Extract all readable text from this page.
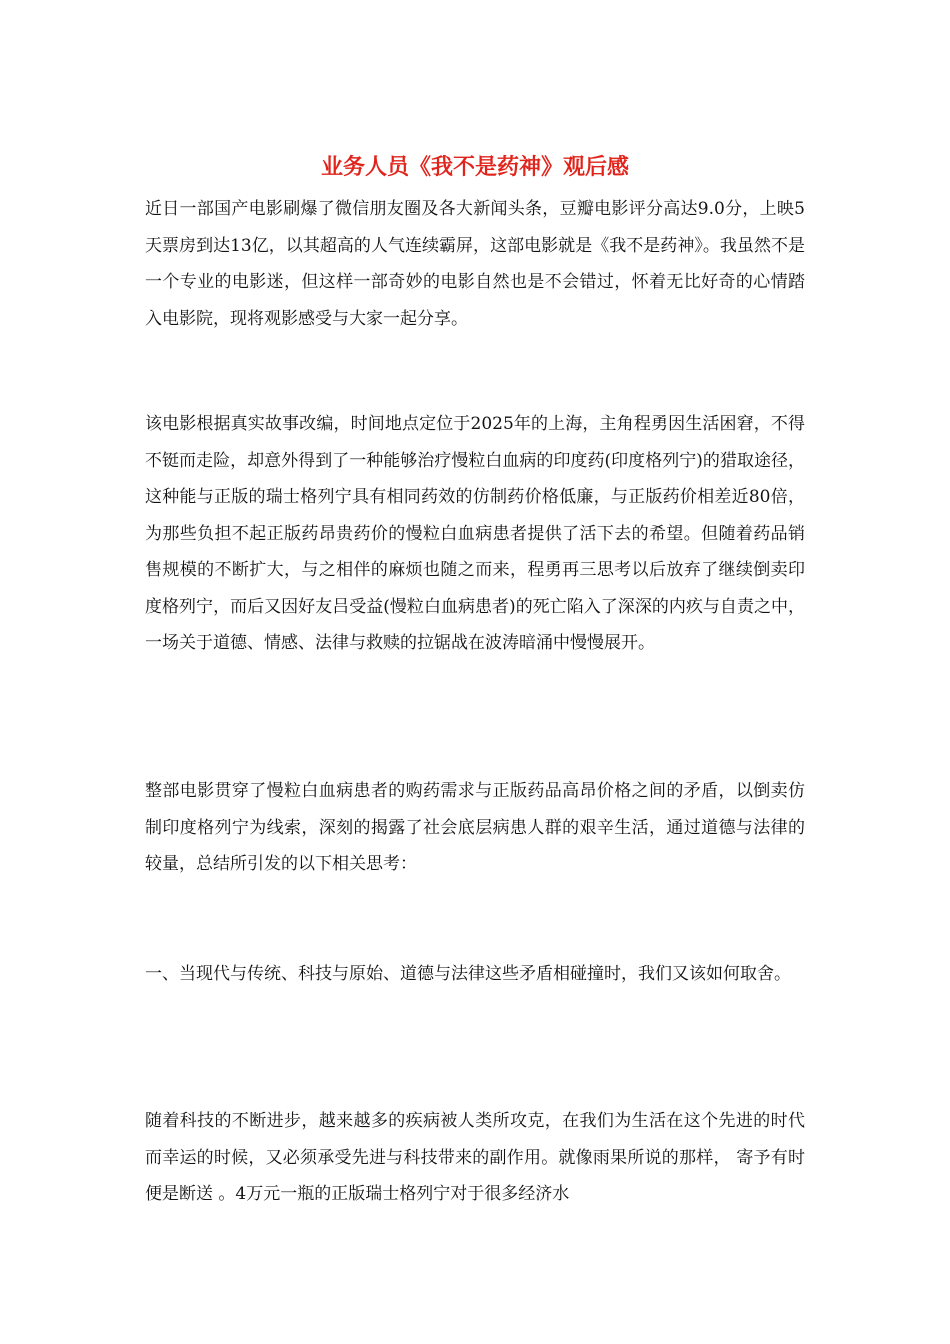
业务人员《我不是药神》观后感

近日一部国产电影刷爆了微信朋友圈及各大新闻头条，豆瓣电影评分高达9.0分，上映5天票房到达13亿，以其超高的人气连续霸屏，这部电影就是《我不是药神》。我虽然不是一个专业的电影迷，但这样一部奇妙的电影自然也是不会错过，怀着无比好奇的心情踏入电影院，现将观影感受与大家一起分享。

该电影根据真实故事改编，时间地点定位于2025年的上海，主角程勇因生活困窘，不得不铤而走险，却意外得到了一种能够治疗慢粒白血病的印度药(印度格列宁)的猎取途径，这种能与正版的瑞士格列宁具有相同药效的仿制药价格低廉，与正版药价相差近80倍，为那些负担不起正版药昂贵药价的慢粒白血病患者提供了活下去的希望。但随着药品销售规模的不断扩大，与之相伴的麻烦也随之而来，程勇再三思考以后放弃了继续倒卖印度格列宁，而后又因好友吕受益(慢粒白血病患者)的死亡陷入了深深的内疚与自责之中，一场关于道德、情感、法律与救赎的拉锯战在波涛暗涌中慢慢展开。

整部电影贯穿了慢粒白血病患者的购药需求与正版药品高昂价格之间的矛盾，以倒卖仿制印度格列宁为线索，深刻的揭露了社会底层病患人群的艰辛生活，通过道德与法律的较量，总结所引发的以下相关思考：

一、当现代与传统、科技与原始、道德与法律这些矛盾相碰撞时，我们又该如何取舍。

随着科技的不断进步，越来越多的疾病被人类所攻克，在我们为生活在这个先进的时代而幸运的时候，又必须承受先进与科技带来的副作用。就像雨果所说的那样， 寄予有时便是断送 。4万元一瓶的正版瑞士格列宁对于很多经济水
